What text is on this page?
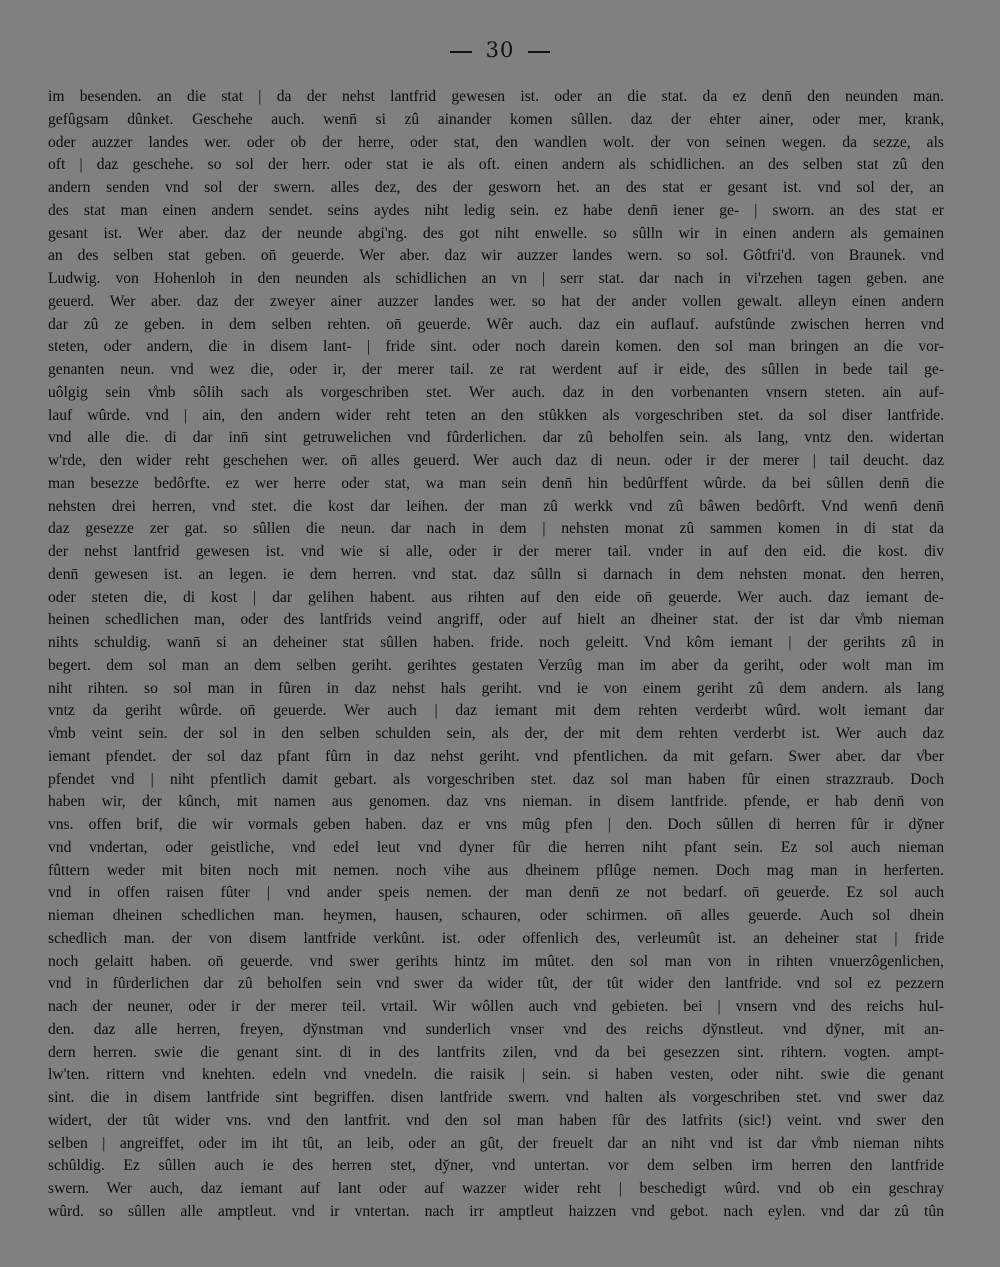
30
im besenden. an die stat | da der nehst lantfrid gewesen ist. oder an die stat. da ez denn̄ den neunden man.
gefûgsam dûnket. Geschehe auch. wenn̄ si zû ainander komen sûllen. daz der ehter ainer, oder mer, krank,
oder auzzer landes wer. oder ob der herre, oder stat, den wandlen wolt. der von seinen wegen. da sezze, als
oft | daz geschehe. so sol der herr. oder stat ie als oft. einen andern als schidlichen. an des selben stat zû den
andern senden vnd sol der swern. alles dez, des der gesworn het. an des stat er gesant ist. vnd sol der, an
des stat man einen andern sendet. seins aydes niht ledig sein. ez habe denn̄ iener ge- | sworn. an des stat er
gesant ist. Wer aber. daz der neunde abgi'ng. des got niht enwelle. so sûlln wir in einen andern als gemainen
an des selben stat geben. on̄ geuerde. Wer aber. daz wir auzzer landes wern. so sol. Gôtfri'd. von Braunek. vnd
Ludwig. von Hohenloh in den neunden als schidlichen an vn | serr stat. dar nach in vi'rzehen tagen geben. ane
geuerd. Wer aber. daz der zweyer ainer auzzer landes wer. so hat der ander vollen gewalt. alleyn einen andern
dar zû ze geben. in dem selben rehten. on̄ geuerde. Wêr auch. daz ein auflauf. aufstûnde zwischen herren vnd
steten, oder andern, die in disem lant- | fride sint. oder noch darein komen. den sol man bringen an die vor-
genanten neun. vnd wez die, oder ir, der merer tail. ze rat werdent auf ir eide, des sûllen in bede tail ge-
uôlgig sein v̊mb sôlih sach als vorgeschriben stet. Wer auch. daz in den vorbenanten vnsern steten. ain auf-
lauf wûrde. vnd | ain, den andern wider reht teten an den stûkken als vorgeschriben stet. da sol diser lantfride.
vnd alle die. di dar inn̄ sint getruwelichen vnd fûrderlichen. dar zû beholfen sein. als lang, vntz den. widertan
w'rde, den wider reht geschehen wer. on̄ alles geuerd. Wer auch daz di neun. oder ir der merer | tail deucht. daz
man besezze bedôrfte. ez wer herre oder stat, wa man sein denn̄ hin bedûrffent wûrde. da bei sûllen denn̄ die
nehsten drei herren, vnd stet. die kost dar leihen. der man zû werkk vnd zû bâwen bedôrft. Vnd wenn̄ denn̄
daz gesezze zer gat. so sûllen die neun. dar nach in dem | nehsten monat zû sammen komen in di stat da
der nehst lantfrid gewesen ist. vnd wie si alle, oder ir der merer tail. vnder in auf den eid. die kost. div
denn̄ gewesen ist. an legen. ie dem herren. vnd stat. daz sûlln si darnach in dem nehsten monat. den herren,
oder steten die, di kost | dar gelihen habent. aus rihten auf den eide on̄ geuerde. Wer auch. daz iemant de-
heinen schedlichen man, oder des lantfrids veind angriff, oder auf hielt an dheiner stat. der ist dar v̊mb nieman
nihts schuldig. wann̄ si an deheiner stat sûllen haben. fride. noch geleitt. Vnd kôm iemant | der gerihts zû in
begert. dem sol man an dem selben geriht. gerihtes gestaten Verzûg man im aber da geriht, oder wolt man im
niht rihten. so sol man in fûren in daz nehst hals geriht. vnd ie von einem geriht zû dem andern. als lang
vntz da geriht wûrde. on̄ geuerde. Wer auch | daz iemant mit dem rehten verderbt wûrd. wolt iemant dar
v̊mb veint sein. der sol in den selben schulden sein, als der, der mit dem rehten verderbt ist. Wer auch daz
iemant pfendet. der sol daz pfant fûrn in daz nehst geriht. vnd pfentlichen. da mit gefarn. Swer aber. dar v̊ber
pfendet vnd | niht pfentlich damit gebart. als vorgeschriben stet. daz sol man haben fûr einen strazzraub. Doch
haben wir, der kûnch, mit namen aus genomen. daz vns nieman. in disem lantfride. pfende, er hab denn̄ von
vns. offen brif, die wir vormals geben haben. daz er vns mûg pfen | den. Doch sûllen di herren fûr ir dy̆ner
vnd vndertan, oder geistliche, vnd edel leut vnd dyner fûr die herren niht pfant sein. Ez sol auch nieman
fûttern weder mit biten noch mit nemen. noch vihe aus dheinem pflûge nemen. Doch mag man in herferten.
vnd in offen raisen fûter | vnd ander speis nemen. der man denn̄ ze not bedarf. on̄ geuerde. Ez sol auch
nieman dheinen schedlichen man. heymen, hausen, schauren, oder schirmen. on̄ alles geuerde. Auch sol dhein
schedlich man. der von disem lantfride verkûnt. ist. oder offenlich des, verleumût ist. an deheiner stat | fride
noch gelaitt haben. on̄ geuerde. vnd swer gerihts hintz im mûtet. den sol man von in rihten vnuerzôgenlichen,
vnd in fûrderlichen dar zû beholfen sein vnd swer da wider tût, der tût wider den lantfride. vnd sol ez pezzern
nach der neuner, oder ir der merer teil. vrtail. Wir wôllen auch vnd gebieten. bei | vnsern vnd des reichs hul-
den. daz alle herren, freyen, dy̆nstman vnd sunderlich vnser vnd des reichs dy̆nstleut. vnd dy̆ner, mit an-
dern herren. swie die genant sint. di in des lantfrits zilen, vnd da bei gesezzen sint. rihtern. vogten. ampt-
lw'ten. rittern vnd knehten. edeln vnd vnedeln. die raisik | sein. si haben vesten, oder niht. swie die genant
sint. die in disem lantfride sint begriffen. disen lantfride swern. vnd halten als vorgeschriben stet. vnd swer daz
widert, der tût wider vns. vnd den lantfrit. vnd den sol man haben fûr des latfrits (sic!) veint. vnd swer den
selben | angreiffet, oder im iht tût, an leib, oder an gût, der freuelt dar an niht vnd ist dar v̊mb nieman nihts
schûldig. Ez sûllen auch ie des herren stet, dy̆ner, vnd untertan. vor dem selben irm herren den lantfride
swern. Wer auch, daz iemant auf lant oder auf wazzer wider reht | beschedigt wûrd. vnd ob ein geschray
wûrd. so sûllen alle amptleut. vnd ir vntertan. nach irr amptleut haizzen vnd gebot. nach eylen. vnd dar zû tûn
